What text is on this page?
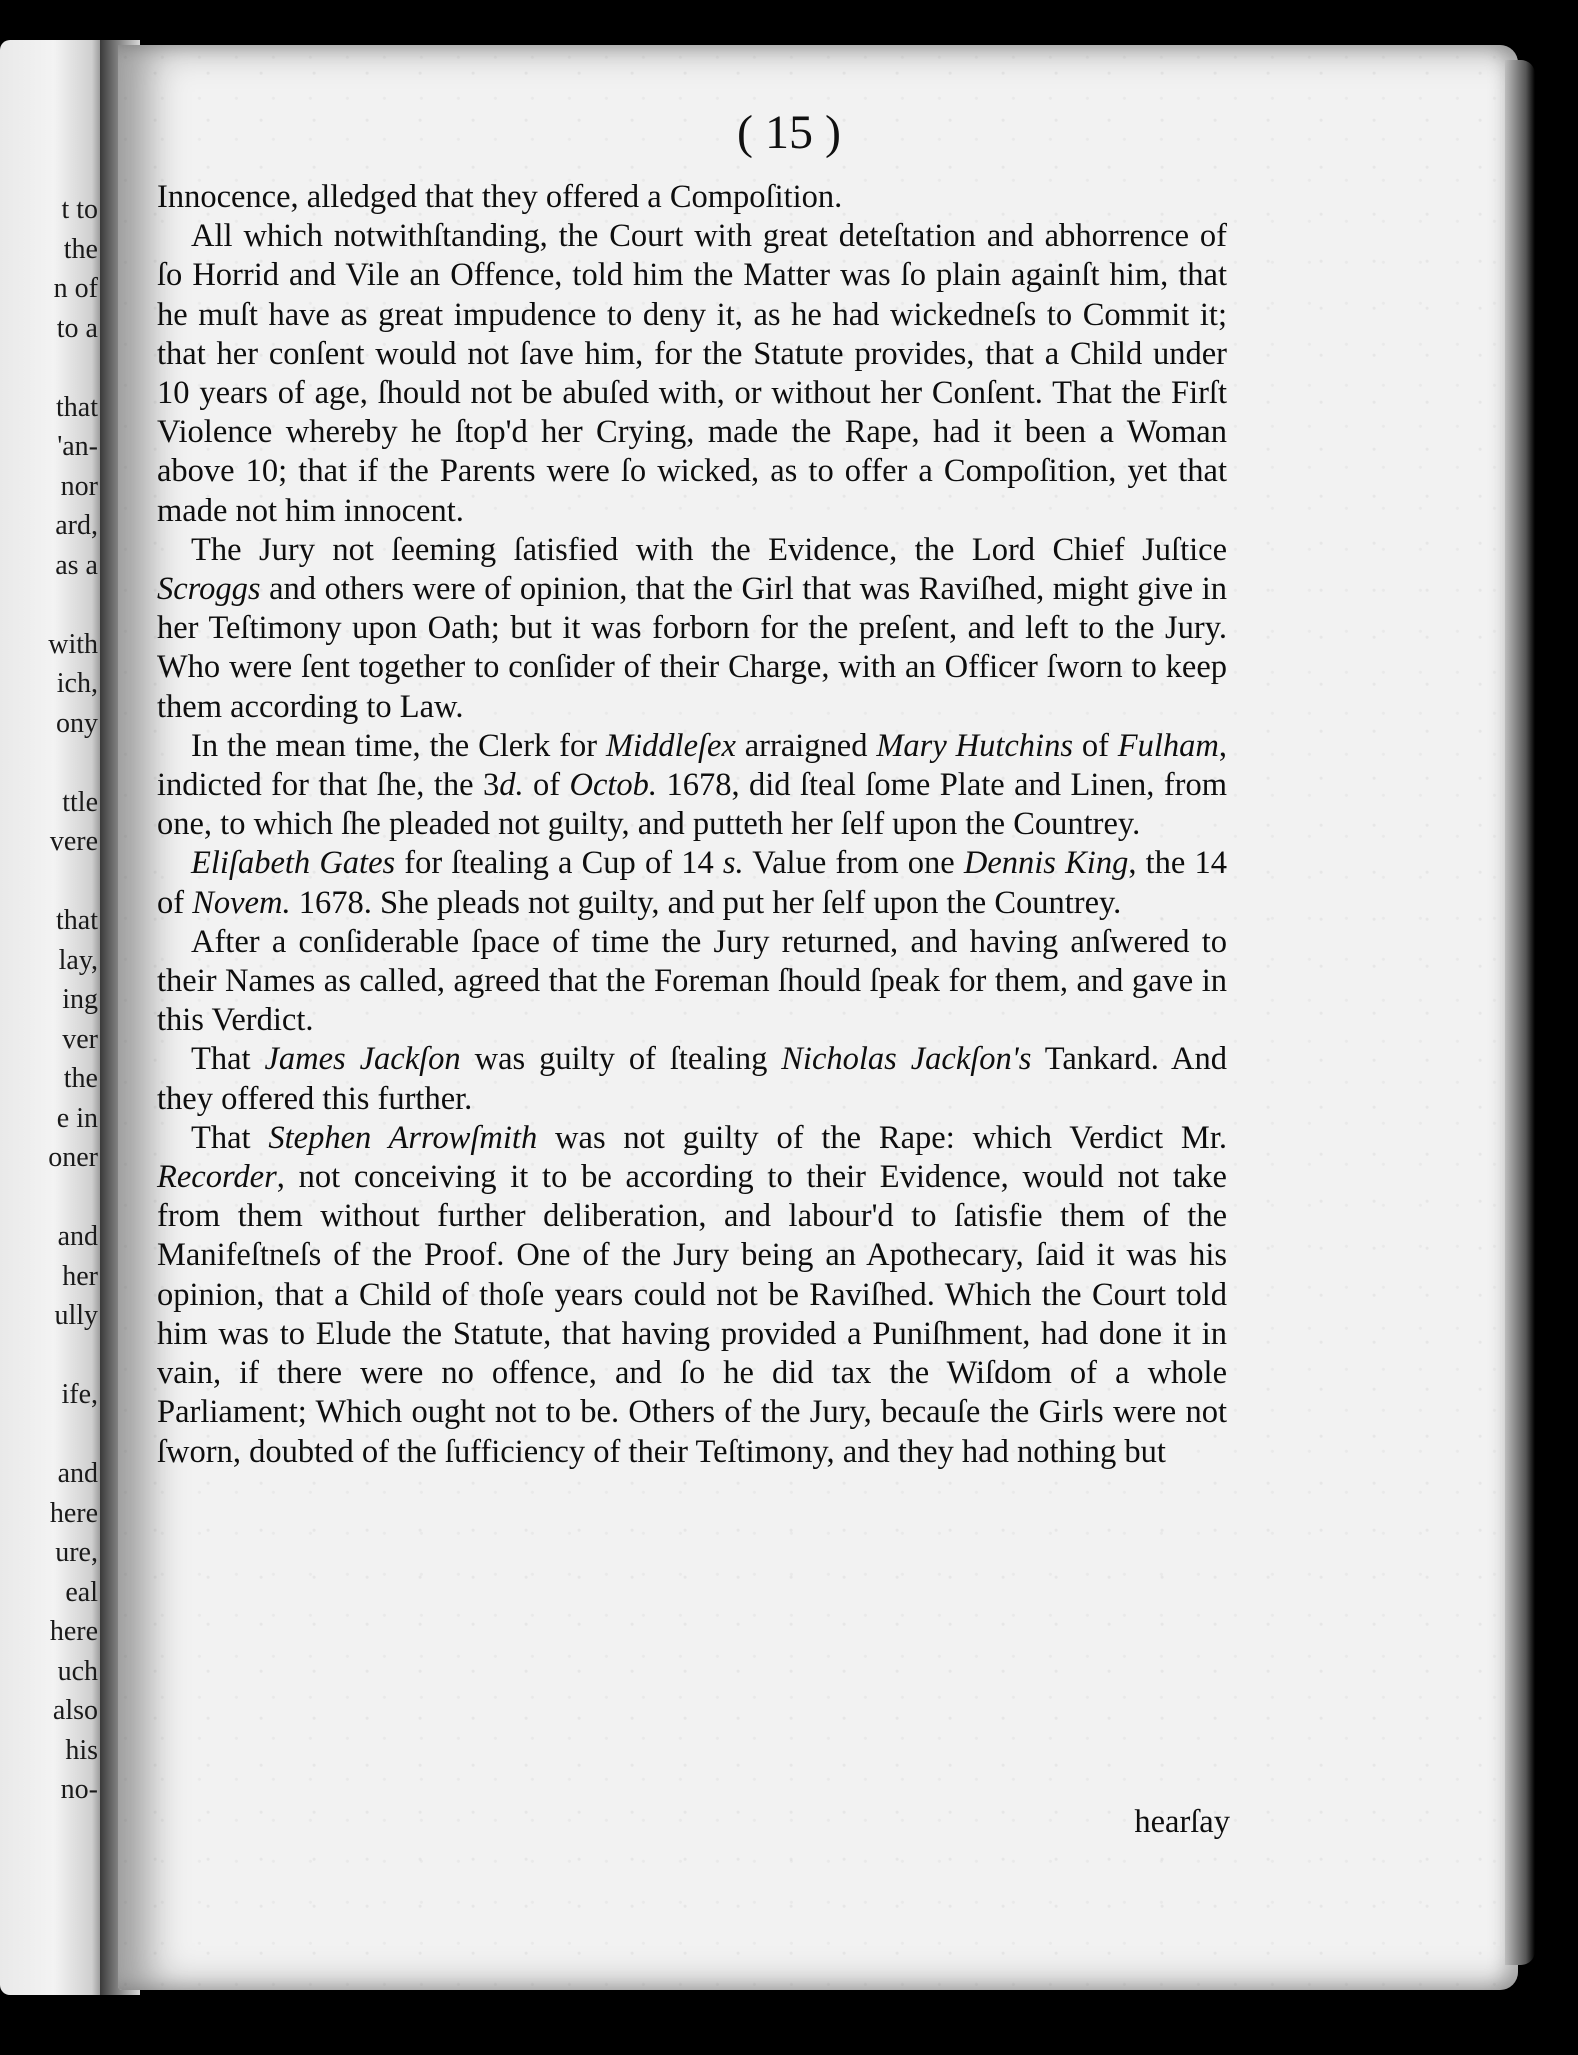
t to
the
n of
to a
that
'an-
nor
ard,
as a
with
ich,
ony
ttle
vere
that
lay,
ing
ver
the
e in
oner
and
her
ully
ife,
and
here
ure,
eal
here
uch
also
his
no-
( 15 )

Innocence, alledged that they offered a Compoſition.

All which notwithſtanding, the Court with great deteſtation and abhorrence of ſo Horrid and Vile an Offence, told him the Matter was ſo plain againſt him, that he muſt have as great impudence to deny it, as he had wickedneſs to Commit it; that her conſent would not ſave him, for the Statute provides, that a Child under 10 years of age, ſhould not be abuſed with, or without her Conſent. That the Firſt Violence whereby he ſtop'd her Crying, made the Rape, had it been a Woman above 10; that if the Parents were ſo wicked, as to offer a Compoſition, yet that made not him innocent.

The Jury not ſeeming ſatisfied with the Evidence, the Lord Chief Juſtice Scroggs and others were of opinion, that the Girl that was Raviſhed, might give in her Teſtimony upon Oath; but it was forborn for the preſent, and left to the Jury. Who were ſent together to conſider of their Charge, with an Officer ſworn to keep them according to Law.

In the mean time, the Clerk for Middleſex arraigned Mary Hutchins of Fulham, indicted for that ſhe, the 3d. of Octob. 1678, did ſteal ſome Plate and Linen, from one, to which ſhe pleaded not guilty, and putteth her ſelf upon the Countrey.

Eliſabeth Gates for ſtealing a Cup of 14 s. Value from one Dennis King, the 14 of Novem. 1678. She pleads not guilty, and put her ſelf upon the Countrey.

After a conſiderable ſpace of time the Jury returned, and having anſwered to their Names as called, agreed that the Foreman ſhould ſpeak for them, and gave in this Verdict.

That James Jackſon was guilty of ſtealing Nicholas Jackſon's Tankard. And they offered this further.

That Stephen Arrowſmith was not guilty of the Rape: which Verdict Mr. Recorder, not conceiving it to be according to their Evidence, would not take from them without further deliberation, and labour'd to ſatisfie them of the Manifeſtneſs of the Proof. One of the Jury being an Apothecary, ſaid it was his opinion, that a Child of thoſe years could not be Raviſhed. Which the Court told him was to Elude the Statute, that having provided a Puniſhment, had done it in vain, if there were no offence, and ſo he did tax the Wiſdom of a whole Parliament; Which ought not to be. Others of the Jury, becauſe the Girls were not ſworn, doubted of the ſufficiency of their Teſtimony, and they had nothing but

hearſay
